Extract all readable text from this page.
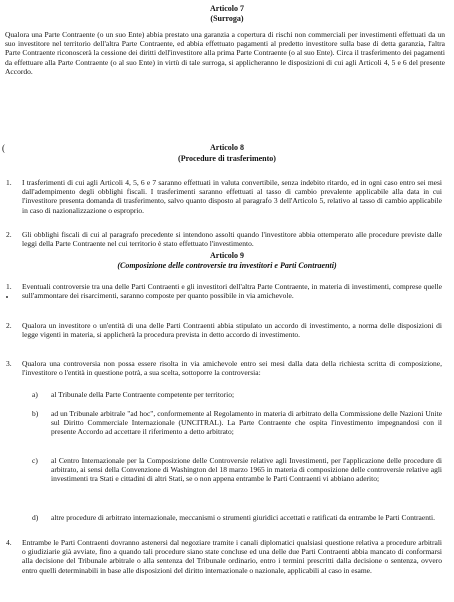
Articolo 7
(Surroga)

Qualora una Parte Contraente (o un suo Ente) abbia prestato una garanzia a copertura di rischi non commerciali per investimenti effettuati da un suo investitore nel territorio dell'altra Parte Contraente, ed abbia effettuato pagamenti al predetto investitore sulla base di detta garanzia, l'altra Parte Contraente riconoscerà la cessione dei diritti dell'investitore alla prima Parte Contraente (o al suo Ente). Circa il trasferimento dei pagamenti da effettuare alla Parte Contraente (o al suo Ente) in virtù di tale surroga, si applicheranno le disposizioni di cui agli Articoli 4, 5 e 6 del presente Accordo.

(	Articolo 8
(Procedure di trasferimento)

1. I trasferimenti di cui agli Articoli 4, 5, 6 e 7 saranno effettuati in valuta convertibile, senza indebito ritardo, ed in ogni caso entro sei mesi dall'adempimento degli obblighi fiscali. I trasferimenti saranno effettuati al tasso di cambio prevalente applicabile alla data in cui l'investitore presenta domanda di trasferimento, salvo quanto disposto al paragrafo 3 dell'Articolo 5, relativo al tasso di cambio applicabile in caso di nazionalizzazione o esproprio.

2. Gli obblighi fiscali di cui al paragrafo precedente si intendono assolti quando l'investitore abbia ottemperato alle procedure previste dalle leggi della Parte Contraente nel cui territorio è stato effettuato l'investimento.

Articolo 9
(Composizione delle controversie tra investitori e Parti Contraenti)

1. Eventuali controversie tra una delle Parti Contraenti e gli investitori dell'altra Parte Contraente, in materia di investimenti, comprese quelle sull'ammontare dei risarcimenti, saranno composte per quanto possibile in via amichevole.

2. Qualora un investitore o un'entità di una delle Parti Contraenti abbia stipulato un accordo di investimento, a norma delle disposizioni di legge vigenti in materia, si applicherà la procedura prevista in detto accordo di investimento.

3. Qualora una controversia non possa essere risolta in via amichevole entro sei mesi dalla data della richiesta scritta di composizione, l'investitore o l'entità in questione potrà, a sua scelta, sottoporre la controversia:

a)	al Tribunale della Parte Contraente competente per territorio;

b)	ad un Tribunale arbitrale "ad hoc", conformemente al Regolamento in materia di arbitrato della Commissione delle Nazioni Unite sul Diritto Commerciale Internazionale (UNCITRAL). La Parte Contraente che ospita l'investimento impegnandosi con il presente Accordo ad accettare il riferimento a detto arbitrato;

c)	al Centro Internazionale per la Composizione delle Controversie relative agli Investimenti, per l'applicazione delle procedure di arbitrato, ai sensi della Convenzione di Washington del 18 marzo 1965 in materia di composizione delle controversie relative agli investimenti tra Stati e cittadini di altri Stati, se o non appena entrambe le Parti Contraenti vi abbiano aderito;

d)	altre procedure di arbitrato internazionale, meccanismi o strumenti giuridici accettati e ratificati da entrambe le Parti Contraenti.

4. Entrambe le Parti Contraenti dovranno astenersi dal negoziare tramite i canali diplomatici qualsiasi questione relativa a procedure arbitrali o giudiziarie già avviate, fino a quando tali procedure siano state concluse ed una delle due Parti Contraenti abbia mancato di conformarsi alla decisione del Tribunale arbitrale o alla sentenza del Tribunale ordinario, entro i termini prescritti dalla decisione o sentenza, ovvero entro quelli determinabili in base alle disposizioni del diritto internazionale o nazionale, applicabili al caso in esame.
